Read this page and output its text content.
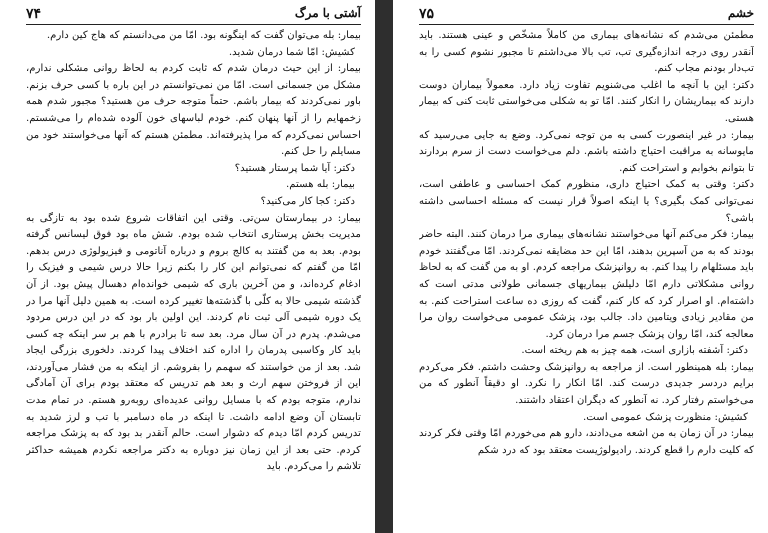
آشتی با مرگ
۷۴

بیمار: بله می‌توان گفت که اینگونه بود. امّا من می‌دانستم که هاج کین دارم.

کشیش: امّا شما درمان شدید.

بیمار: از این حیث درمان شدم که ثابت کردم به لحاظ روانی مشکلی ندارم، مشکل من جسمانی است. امّا من نمی‌توانستم در این باره با کسی حرف بزنم. باور نمی‌کردند که بیمار باشم. حتماً متوجه حرف من هستید؟ مجبور شدم همه زخمهایم را از آنها پنهان کنم. خودم لباسهای خون آلوده شده‌ام را می‌شستم. احساس نمی‌کردم که مرا پذیرفته‌اند. مطمئن هستم که آنها می‌خواستند خود من مسایلم را حل کنم.

دکتر: آیا شما پرستار هستید؟

بیمار: بله هستم.

دکتر: کجا کار می‌کنید؟

بیمار: در بیمارستان سن‌تی. وقتی این اتفاقات شروع شده بود به تازگی به مدیریت بخش پرستاری انتخاب شده بودم. شش ماه بود فوق لیسانس گرفته بودم. بعد به من گفتند به کالج بروم و درباره آناتومی و فیزیولوژی درس بدهم. امّا من گفتم که نمی‌توانم این کار را بکنم زیرا حالا درس شیمی و فیزیک را ادغام کرده‌اند، و من آخرین باری که شیمی خوانده‌ام دهسال پیش بود. از آن گذشته شیمی حالا به کلّی با گذشته‌ها تغییر کرده است. به همین دلیل آنها مرا در یک دوره شیمی آلی ثبت نام کردند. این اولین بار بود که در این درس مردود می‌شدم. پدرم در آن سال مرد. بعد سه تا برادرم با هم بر سر اینکه چه کسی باید کار وکاسبی پدرمان را اداره کند اختلاف پیدا کردند. دلخوری بزرگی ایجاد شد. بعد از من خواستند که سهمم را بفروشم. از اینکه به من فشار می‌آوردند، این از فروختن سهم ارث و بعد هم تدریس که معتقد بودم برای آن آمادگی ندارم، متوجه بودم که با مسایل روانی عدیده‌ای روبه‌رو هستم. در تمام مدت تابستان آن وضع ادامه داشت. تا اینکه در ماه دسامبر با تب و لرز شدید به تدریس کردم امّا دیدم که دشوار است. حالم آنقدر بد بود که به پزشک مراجعه کردم. حتی بعد از این زمان نیز دوباره به دکتر مراجعه نکردم همیشه حداکثر تلاشم را می‌کردم. باید

خشم
۷۵

مطمئن می‌شدم که نشانه‌های بیماری من کاملاً مشخّص و عینی هستند. باید آنقدر روی درجه اندازه‌گیری تب، تب بالا می‌داشتم تا مجبور نشوم کسی را به تب‌دار بودنم مجاب کنم.

دکتر: این با آنچه ما اغلب می‌شنویم تفاوت زیاد دارد. معمولاً بیماران دوست دارند که بیماریشان را انکار کنند. امّا تو به شکلی می‌خواستی ثابت کنی که بیمار هستی.

بیمار: در غیر اینصورت کسی به من توجه نمی‌کرد. وضع به جایی می‌رسید که مایوسانه به مراقبت احتیاج داشته باشم. دلم می‌خواست دست از سرم بردارند تا بتوانم بخوابم و استراحت کنم.

دکتر: وقتی به کمک احتیاج داری، منظورم کمک احساسی و عاطفی است، نمی‌توانی کمک بگیری؟ یا اینکه اصولاً قرار نیست که مسئله احساسی داشته باشی؟

بیمار: فکر می‌کنم آنها می‌خواستند نشانه‌های بیماری مرا درمان کنند. البته حاضر بودند که به من آسپرین بدهند، امّا این حد مضایقه نمی‌کردند. امّا می‌گفتند خودم باید مسئلهام را پیدا کنم. به روانپزشک مراجعه کردم. او به من گفت که به لحاظ روانی مشکلاتی دارم امّا دلیلش بیماریهای جسمانی طولانی مدتی است که داشته‌ام. او اصرار کرد که کار کنم، گفت که روزی ده ساعت استراحت کنم. به من مقادیر زیادی ویتامین داد. جالب بود، پزشک عمومی می‌خواست روان مرا معالجه کند، امّا روان پزشک جسم مرا درمان کرد.

دکتر: آشفته بازاری است، همه چیز به هم ریخته است.

بیمار: بله همینطور است. از مراجعه به روانپزشک وحشت داشتم. فکر می‌کردم برایم دردسر جدیدی درست کند. امّا انکار را نکرد. او دقیقاً آنطور که من می‌خواستم رفتار کرد. نه آنطور که دیگران اعتقاد داشتند.

کشیش: منظورت پزشک عمومی است.

بیمار: در آن زمان به من اشعه می‌دادند، دارو هم می‌خوردم امّا وقتی فکر کردند که کلیت دارم را قطع کردند. رادیولوژیست معتقد بود که درد شکم
